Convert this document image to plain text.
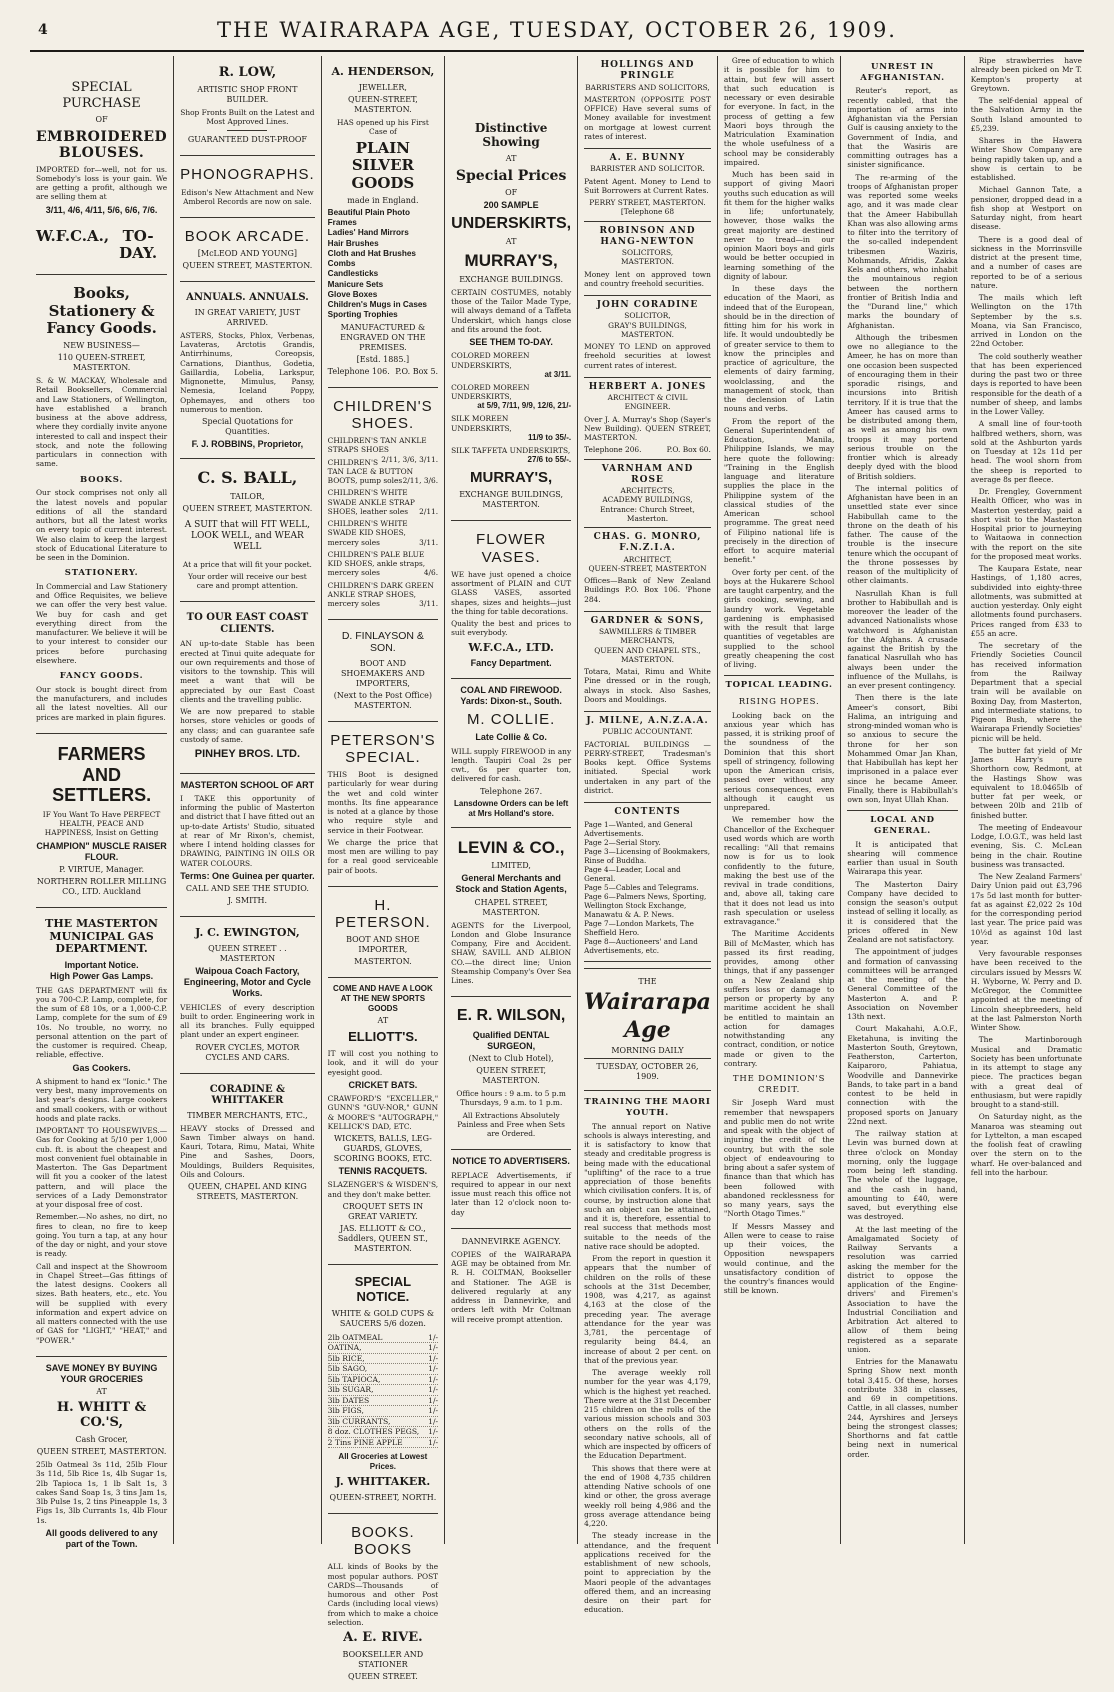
4	THE WAIRARAPA AGE, TUESDAY, OCTOBER 26, 1909.
SPECIAL PURCHASE
OF
EMBROIDERED BLOUSES.
IMPORTED for—well, not for us. Somebody's loss is your gain. We are getting a profit, although we are selling them at
3/11, 4/6, 4/11, 5/6, 6/6, 7/6.
W.F.C.A., TO-DAY.
Books, Stationery & Fancy Goods.
NEW BUSINESS—
110 QUEEN-STREET, MASTERTON.
S. & W. MACKAY, Wholesale and Retail Booksellers, Commercial and Law Stationers, of Wellington, have established a branch business at the above address, where they cordially invite anyone interested to call and inspect their stock, and note the following particulars in connection with same.
BOOKS.
Our stock comprises not only all the latest novels and popular editions of all the standard authors, but all the latest works on every topic of current interest. We also claim to keep the largest stock of Educational Literature to be seen in the Dominion.
STATIONERY.
In Commercial and Law Stationery and Office Requisites, we believe we can offer the very best value. We buy for cash and get everything direct from the manufacturer. We believe it will be to your interest to consider our prices before purchasing elsewhere.
FANCY GOODS.
Our stock is bought direct from the manufacturers, and includes all the latest novelties. All our prices are marked in plain figures.
FARMERS AND SETTLERS.
IF You Want To Have PERFECT HEALTH, PEACE AND HAPPINESS, Insist on Getting
CHAMPION" MUSCLE RAISER FLOUR.
P. VIRTUE, Manager.
NORTHERN ROLLER MILLING CO., LTD. Auckland
THE MASTERTON MUNICIPAL GAS DEPARTMENT.
Important Notice.
High Power Gas Lamps.
THE GAS DEPARTMENT will fix you a 700-C.P. Lamp, complete, for the sum of £8 10s, or a 1,000-C.P. Lamp, complete for the sum of £9 10s. No trouble, no worry, no personal attention on the part of the customer is required. Cheap, reliable, effective.
Gas Cookers.
A shipment to hand ex "Ionic." The very best, many improvements on last year's designs. Large cookers and small cookers, with or without hoods and plate racks.
IMPORTANT TO HOUSEWIVES.—Gas for Cooking at 5/10 per 1,000 cub. ft. is about the cheapest and most convenient fuel obtainable in Masterton. The Gas Department will fit you a cooker of the latest pattern, and will place the services of a Lady Demonstrator at your disposal free of cost.
Remember.—No ashes, no dirt, no fires to clean, no fire to keep going. You turn a tap, at any hour of the day or night, and your stove is ready.
Call and inspect at the Showroom in Chapel Street—Gas fittings of the latest designs. Cookers all sizes. Bath heaters, etc., etc. You will be supplied with every information and expert advice on all matters connected with the use of GAS for "LIGHT," "HEAT," and "POWER."
SAVE MONEY BY BUYING YOUR GROCERIES
AT
H. WHITT & CO.'S,
Cash Grocer,
QUEEN STREET, MASTERTON.
25lb Oatmeal 3s 11d, 25lb Flour 3s 11d, 5lb Rice 1s, 4lb Sugar 1s, 2lb Tapioca 1s, 1 lb Salt 1s, 3 cakes Sand Soap 1s, 3 tins Jam 1s, 3lb Pulse 1s, 2 tins Pineapple 1s, 3 Figs 1s, 3lb Currants 1s, 4lb Flour 1s.
All goods delivered to any part of the Town.
R. LOW,
ARTISTIC SHOP FRONT BUILDER.
Shop Fronts Built on the Latest and Most Approved Lines.
GUARANTEED DUST-PROOF
PHONOGRAPHS.
Edison's New Attachment and New Amberol Records are now on sale.
BOOK ARCADE.
[McLEOD AND YOUNG]
QUEEN STREET, MASTERTON.
ANNUALS. ANNUALS.
IN GREAT VARIETY, JUST ARRIVED.
ASTERS, Stocks, Phlox, Verbenas, Lavateras, Arctotis Grandis, Antirrhinums, Coreopsis, Carnations, Dianthus, Godetia, Gaillardia, Lobelia, Larkspur, Mignonette, Mimulus, Pansy, Nemesia, Iceland Poppy, Ophemayes, and others too numerous to mention.
Special Quotations for Quantities.
F. J. ROBBINS, Proprietor,
C. S. BALL,
TAILOR,
QUEEN STREET, MASTERTON.
A SUIT that will FIT WELL, LOOK WELL, and WEAR WELL
At a price that will fit your pocket.
Your order will receive our best care and prompt attention.
TO OUR EAST COAST CLIENTS.
AN up-to-date Stable has been erected at Tinui quite adequate for our own requirements and those of visitors to the township. This will meet a want that will be appreciated by our East Coast clients and the travelling public.
We are now prepared to stable horses, store vehicles or goods of any class; and can guarantee safe custody of same.
PINHEY BROS. LTD.
MASTERTON SCHOOL OF ART
I TAKE this opportunity of informing the public of Masterton and district that I have fitted out an up-to-date Artists' Studio, situated at rear of Mr Rixon's, chemist, where I intend holding classes for DRAWING, PAINTING IN OILS OR WATER COLOURS.
Terms: One Guinea per quarter.
CALL AND SEE THE STUDIO.
J. SMITH.
J. C. EWINGTON,
QUEEN STREET . . MASTERTON
Waipoua Coach Factory, Engineering, Motor and Cycle Works.
VEHICLES of every description built to order. Engineering work in all its branches. Fully equipped plant under an expert engineer.
ROVER CYCLES, MOTOR CYCLES AND CARS.
CORADINE & WHITTAKER
TIMBER MERCHANTS, ETC.,
HEAVY stocks of Dressed and Sawn Timber always on hand. Kauri, Totara, Rimu, Matai, White Pine and Sashes, Doors, Mouldings, Builders Requisites, Oils and Colours.
QUEEN, CHAPEL AND KING STREETS, MASTERTON.
A. HENDERSON,
JEWELLER,
QUEEN-STREET, MASTERTON.
HAS opened up his First Case of
PLAIN SILVER GOODS
made in England.
Beautiful Plain Photo Frames
Ladies' Hand Mirrors
Hair Brushes
Cloth and Hat Brushes
Combs
Candlesticks
Manicure Sets
Glove Boxes
Children's Mugs in Cases
Sporting Trophies
MANUFACTURED & ENGRAVED ON THE PREMISES.
[Estd. 1885.]
Telephone 106. P.O. Box 5.
CHILDREN'S SHOES.
CHILDREN'S TAN ANKLE STRAPS SHOES
2/11, 3/6, 3/11.
CHILDREN'S TAN LACE & BUTTON BOOTS, pump soles 2/11, 3/6.
CHILDREN'S WHITE SWADE ANKLE STRAP SHOES, leather soles 2/11.
CHILDREN'S WHITE SWADE KID SHOES, mercery soles	3/11.
CHILDREN'S PALE BLUE KID SHOES, ankle straps, mercery soles	4/6.
CHILDREN'S DARK GREEN ANKLE STRAP SHOES, mercery soles	3/11.
D. FINLAYSON & SON.
BOOT AND SHOEMAKERS AND IMPORTERS,
(Next to the Post Office) MASTERTON.
PETERSON'S SPECIAL.
THIS Boot is designed particularly for wear during the wet and cold winter months. Its fine appearance is noted at a glance by those who require style and service in their Footwear.
We charge the price that most men are willing to pay for a real good serviceable pair of boots.
H. PETERSON.
BOOT AND SHOE IMPORTER,
MASTERTON.
COME AND HAVE A LOOK AT THE NEW SPORTS GOODS
AT
ELLIOTT'S.
IT will cost you nothing to look, and it will do your eyesight good.
CRICKET BATS.
CRAWFORD'S "EXCELLER," GUNN'S "GUV-NOR," GUNN & MOORE'S "AUTOGRAPH," KELLICK'S DAD, ETC.
WICKETS, BALLS, LEG-GUARDS, GLOVES, SCORING BOOKS, ETC.
TENNIS RACQUETS.
SLAZENGER'S & WISDEN'S, and they don't make better.
CROQUET SETS IN GREAT VARIETY.
JAS. ELLIOTT & CO., Saddlers, QUEEN ST., MASTERTON.
SPECIAL NOTICE.
WHITE & GOLD CUPS & SAUCERS 5/6 dozen.
2lb OATMEAL	1/-
OATINA,	1/-
5lb RICE,	1/-
5lb SAGO,	1/-
5lb TAPIOCA,	1/-
3lb SUGAR,	1/-
3lb DATES	1/-
3lb FIGS,	1/-
3lb CURRANTS,	1/-
8 doz. CLOTHES PEGS, 1/-
2 Tins PINE APPLE	1/-
All Groceries at Lowest Prices.
J. WHITTAKER.
QUEEN-STREET, NORTH.
BOOKS. BOOKS
ALL kinds of Books by the most popular authors. POST CARDS—Thousands of humorous and other Post Cards (including local views) from which to make a choice selection.
A. E. RIVE.
BOOKSELLER AND STATIONER
QUEEN STREET.
Distinctive Showing
AT
Special Prices
OF
200 SAMPLE
UNDERSKIRTS,
AT
MURRAY'S,
EXCHANGE BUILDINGS.
CERTAIN COSTUMES, notably those of the Tailor Made Type, will always demand of a Taffeta Underskirt, which hangs close and fits around the foot.
SEE THEM TO-DAY.
COLORED MOREEN UNDERSKIRTS,
at 3/11.
COLORED MOREEN UNDERSKIRTS,
at 5/9, 7/11, 9/9, 12/6, 21/-
SILK MOREEN UNDERSKIRTS,
11/9 to 35/-.
SILK TAFFETA UNDERSKIRTS,
27/6 to 55/-.
MURRAY'S,
EXCHANGE BUILDINGS, MASTERTON.
FLOWER VASES.
WE have just opened a choice assortment of PLAIN and CUT GLASS VASES, assorted shapes, sizes and heights—just the thing for table decorations.
Quality the best and prices to suit everybody.
W.F.C.A., LTD.
Fancy Department.
COAL AND FIREWOOD.
Yards: Dixon-st., South.
M. COLLIE.
Late Collie & Co.
WILL supply FIREWOOD in any length. Taupiri Coal 2s per cwt., 6s per quarter ton, delivered for cash.
Telephone 267.
Lansdowne Orders can be left at Mrs Holland's store.
LEVIN & CO.,
LIMITED,
General Merchants and Stock and Station Agents,
CHAPEL STREET, MASTERTON.
AGENTS for the Liverpool, London and Globe Insurance Company, Fire and Accident. SHAW, SAVILL AND ALBION CO.—the direct line; Union Steamship Company's Over Sea Lines.
E. R. WILSON,
Qualified DENTAL SURGEON,
(Next to Club Hotel),
QUEEN STREET, MASTERTON.
Office hours : 9 a.m. to 5 p.m Thursdays, 9 a.m. to 1 p.m.
All Extractions Absolutely Painless and Free when Sets are Ordered.
NOTICE TO ADVERTISERS.
REPLACE Advertisements, if required to appear in our next issue must reach this office not later than 12 o'clock noon to-day
DANNEVIRKE AGENCY.
COPIES of the WAIRARAPA AGE may be obtained from Mr. R. H. COLTMAN, Bookseller and Stationer. The AGE is delivered regularly at any address in Dannevirke, and orders left with Mr Coltman will receive prompt attention.
HOLLINGS AND PRINGLE
BARRISTERS AND SOLICITORS,
MASTERTON (OPPOSITE POST OFFICE) Have several sums of Money available for investment on mortgage at lowest current rates of interest.
A. E. BUNNY
BARRISTER AND SOLICITOR.
Patent Agent. Money to Lend to Suit Borrowers at Current Rates.
PERRY STREET, MASTERTON.
[Telephone 68
ROBINSON AND HANG-NEWTON
SOLICITORS,
MASTERTON.
Money lent on approved town and country freehold securities.
JOHN CORADINE
SOLICITOR,
GRAY'S BUILDINGS, MASTERTON.
MONEY TO LEND on approved freehold securities at lowest current rates of interest.
HERBERT A. JONES
ARCHITECT & CIVIL ENGINEER.
Over J. A. Murray's Shop (Sayer's New Building). QUEEN STREET, MASTERTON.
Telephone 206.	P.O. Box 60.
VARNHAM AND ROSE
ARCHITECTS,
ACADEMY BUILDINGS, Entrance: Church Street, Masterton.
CHAS. G. MONRO, F.N.Z.I.A.
ARCHITECT,
QUEEN-STREET, MASTERTON
Offices—Bank of New Zealand Buildings P.O. Box 106. 'Phone 284.
GARDNER & SONS,
SAWMILLERS & TIMBER MERCHANTS,
QUEEN AND CHAPEL STS., MASTERTON.
Totara, Matai, Rimu and White Pine dressed or in the rough, always in stock. Also Sashes, Doors and Mouldings.
J. MILNE, A.N.Z.A.A.
PUBLIC ACCOUNTANT.
FACTORIAL BUILDINGS — PERRY-STREET, Tradesman's Books kept. Office Systems initiated. Special work undertaken in any part of the district.
CONTENTS
Page 1—Wanted, and General Advertisements.
Page 2—Serial Story.
Page 3—Licensing of Bookmakers, Rinse of Buddha.
Page 4—Leader, Local and General.
Page 5—Cables and Telegrams.
Page 6—Palmers News, Sporting, Wellington Stock Exchange, Manawatu & A. P. News.
Page 7—London Markets, The Sheffield Hero.
Page 8—Auctioneers' and Land Advertisements, etc.
THE
Wairarapa Age
MORNING DAILY
TUESDAY, OCTOBER 26, 1909.
TRAINING THE MAORI YOUTH.

The annual report on Native schools is always interesting, and it is satisfactory to know that steady and creditable progress is being made with the educational "uplifting" of the race to a true appreciation of those benefits which civilisation confers. It is, of course, by instruction alone that such an object can be attained, and it is, therefore, essential to real success that methods most suitable to the needs of the native race should be adopted.

From the report in question it appears that the number of children on the rolls of these schools at the 31st December, 1908, was 4,217, as against 4,163 at the close of the preceding year. The average attendance for the year was 3,781, the percentage of regularity being 84.4, an increase of about 2 per cent. on that of the previous year.

The average weekly roll number for the year was 4,179, which is the highest yet reached. There were at the 31st December 215 children on the rolls of the various mission schools and 303 others on the rolls of the secondary native schools, all of which are inspected by officers of the Education Department.

This shows that there were at the end of 1908 4,735 children attending Native schools of one kind or other, the gross average weekly roll being 4,986 and the gross average attendance being 4,220.

The steady increase in the attendance, and the frequent applications received for the establishment of new schools, point to appreciation by the Maori people of the advantages offered them, and an increasing desire on their part for education.

Gree of education to which it is possible for him to attain, but few will assert that such education is necessary or even desirable for everyone. In fact, in the process of getting a few Maori boys through the Matriculation Examination the whole usefulness of a school may be considerably impaired.

Much has been said in support of giving Maori youths such education as will fit them for the higher walks in life; unfortunately, however, those walks the great majority are destined never to tread—in our opinion Maori boys and girls would be better occupied in learning something of the dignity of labour.

In these days the education of the Maori, as indeed that of the European, should be in the direction of fitting him for his work in life. It would undoubtedly be of greater service to them to know the principles and practice of agriculture, the elements of dairy farming, woolclassing, and the management of stock, than the declension of Latin nouns and verbs.

From the report of the General Superintendent of Education, Manila, Philippine Islands, we may here quote the following: "Training in the English language and literature supplies the place in the Philippine system of the classical studies of the American school programme. The great need of Filipino national life is precisely in the direction of effort to acquire material benefit."

Over forty per cent. of the boys at the Hukarere School are taught carpentry, and the girls cooking, sewing, and laundry work. Vegetable gardening is emphasised with the result that large quantities of vegetables are supplied to the school greatly cheapening the cost of living.

TOPICAL LEADING.
RISING HOPES.

Looking back on the anxious year which has passed, it is striking proof of the soundness of the Dominion that this short spell of stringency, following upon the American crisis, passed over without any serious consequences, even although it caught us unprepared.

We remember how the Chancellor of the Exchequer used words which are worth recalling: "All that remains now is for us to look confidently to the future, making the best use of the revival in trade conditions, and, above all, taking care that it does not lead us into rash speculation or useless extravagance."

The Maritime Accidents Bill of McMaster, which has passed its first reading, provides, among other things, that if any passenger on a New Zealand ship suffers loss or damage to person or property by any maritime accident he shall be entitled to maintain an action for damages notwithstanding any contract, condition, or notice made or given to the contrary.

THE DOMINION'S CREDIT.

Sir Joseph Ward must remember that newspapers and public men do not write and speak with the object of injuring the credit of the country, but with the sole object of endeavouring to bring about a safer system of finance than that which has been followed with abandoned recklessness for so many years, says the "North Otago Times."

If Messrs Massey and Allen were to cease to raise up their voices, the Opposition newspapers would continue, and the unsatisfactory condition of the country's finances would still be known.

UNREST IN AFGHANISTAN.

Reuter's report, as recently cabled, that the importation of arms into Afghanistan via the Persian Gulf is causing anxiety to the Government of India, and that the Wasiris are committing outrages has a sinister significance.

The re-arming of the troops of Afghanistan proper was reported some weeks ago, and it was made clear that the Ameer Habibullah Khan was also allowing arms to filter into the territory of the so-called independent tribesmen Waziris, Mohmands, Afridis, Zakka Kels and others, who inhabit the mountainous region between the northern frontier of British India and the "Durand line," which marks the boundary of Afghanistan.

Although the tribesmen owe no allegiance to the Ameer, he has on more than one occasion been suspected of encouraging them in their sporadic risings, and incursions into British territory. If it is true that the Ameer has caused arms to be distributed among them, as well as among his own troops it may portend serious trouble on the frontier which is already deeply dyed with the blood of British soldiers.

The internal politics of Afghanistan have been in an unsettled state ever since Habibullah came to the throne on the death of his father. The cause of the trouble is the insecure tenure which the occupant of the throne possesses by reason of the multiplicity of other claimants.

Nasrullah Khan is full brother to Habibullah and is moreover the leader of the advanced Nationalists whose watchword is Afghanistan for the Afghans. A crusade against the British by the fanatical Nasrullah who has always been under the influence of the Mullahs, is an ever present contingency.

Then there is the late Ameer's consort, Bibi Halima, an intriguing and strong-minded woman who is so anxious to secure the throne for her son Mohammed Omar Jan Khan, that Habibullah has kept her imprisoned in a palace ever since he became Ameer. Finally, there is Habibullah's own son, Inyat Ullah Khan.

LOCAL AND GENERAL.

It is anticipated that shearing will commence earlier than usual in South Wairarapa this year.

The Masterton Dairy Company have decided to consign the season's output instead of selling it locally, as it is considered that the prices offered in New Zealand are not satisfactory.

The appointment of judges and formation of canvassing committees will be arranged at the meeting of the General Committee of the Masterton A. and P. Association on November 13th next.

Court Makahahi, A.O.F., Eketahuna, is inviting the Masterton South, Greytown, Featherston, Carterton, Kaiparoro, Pahiatua, Woodville and Dannevirke Bands, to take part in a band contest to be held in connection with the proposed sports on January 22nd next.

The railway station at Levin was burned down at three o'clock on Monday morning, only the luggage room being left standing. The whole of the luggage, and the cash in hand, amounting to £40, were saved, but everything else was destroyed.

At the last meeting of the Amalgamated Society of Railway Servants a resolution was carried asking the member for the district to oppose the application of the Engine-drivers' and Firemen's Association to have the Industrial Conciliation and Arbitration Act altered to allow of them being registered as a separate union.

Entries for the Manawatu Spring Show next month total 3,415. Of these, horses contribute 338 in classes, and 69 in competitions. Cattle, in all classes, number 244, Ayrshires and Jerseys being the strongest classes; Shorthorns and fat cattle being next in numerical order.

Ripe strawberries have already been picked on Mr T. Kempton's property at Greytown.

The self-denial appeal of the Salvation Army in the South Island amounted to £5,239.

Shares in the Hawera Winter Show Company are being rapidly taken up, and a show is certain to be established.

Michael Gannon Tate, a pensioner, dropped dead in a fish shop at Westport on Saturday night, from heart disease.

There is a good deal of sickness in the Morrinsville district at the present time, and a number of cases are reported to be of a serious nature.

The mails which left Wellington on the 17th September by the s.s. Moana, via San Francisco, arrived in London on the 22nd October.

The cold southerly weather that has been experienced during the past two or three days is reported to have been responsible for the death of a number of sheep, and lambs in the Lower Valley.

A small line of four-tooth halfbred wethers, shorn, was sold at the Ashburton yards on Tuesday at 12s 11d per head. The wool shorn from the sheep is reported to average 8s per fleece.

Dr. Frengley, Government Health Officer, who was in Masterton yesterday, paid a short visit to the Masterton Hospital prior to journeying to Waitaowa in connection with the report on the site for the proposed meat works.

The Kaupara Estate, near Hastings, of 1,180 acres, subdivided into eighty-three allotments, was submitted at auction yesterday. Only eight allotments found purchasers. Prices ranged from £33 to £55 an acre.

The secretary of the Friendly Societies Council has received information from the Railway Department that a special train will be available on Boxing Day, from Masterton, and intermediate stations, to Pigeon Bush, where the Wairarapa Friendly Societies' picnic will be held.

The butter fat yield of Mr James Harry's pure Shorthorn cow, Redmont, at the Hastings Show was equivalent to 18.0465lb of butter fat per week, or between 20lb and 21lb of finished butter.

The meeting of Endeavour Lodge, I.O.G.T., was held last evening, Sis. C. McLean being in the chair. Routine business was transacted.

The New Zealand Farmers' Dairy Union paid out £3,796 17s 5d last month for butter-fat as against £2,022 2s 10d for the corresponding period last year. The price paid was 10½d as against 10d last year.

Very favourable responses have been received to the circulars issued by Messrs W. H. Wyborne, W. Perry and D. McGregor, the Committee appointed at the meeting of Lincoln sheepbreeders, held at the last Palmerston North Winter Show.

The Martinborough Musical and Dramatic Society has been unfortunate in its attempt to stage any piece. The practices began with a great deal of enthusiasm, but were rapidly brought to a stand-still.

On Saturday night, as the Manaroa was steaming out for Lyttelton, a man escaped the foolish feat of crawling over the stern on to the wharf. He over-balanced and fell into the harbour.
